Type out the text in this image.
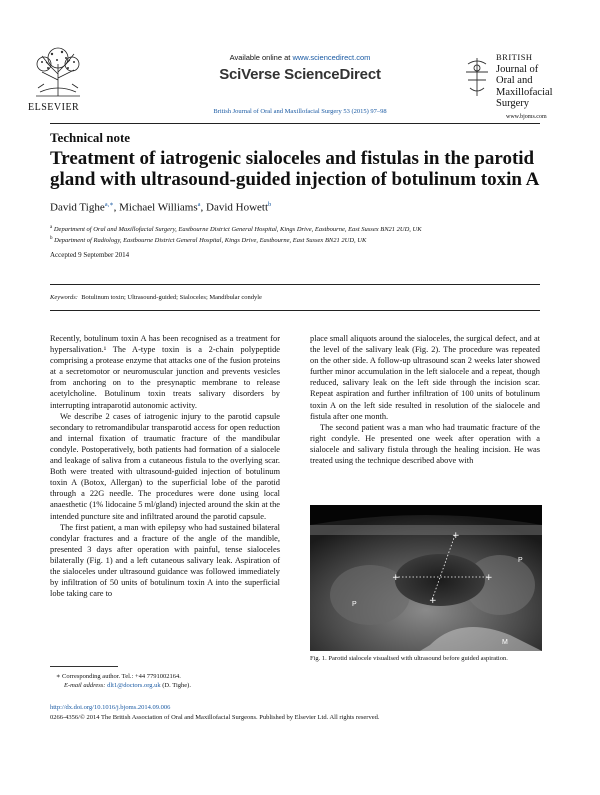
ELSEVIER
Available online at www.sciencedirect.com
SciVerse ScienceDirect
British Journal of Oral and Maxillofacial Surgery 53 (2015) 97–98
BRITISH
Journal of
Oral and
Maxillofacial
Surgery
www.bjoms.com
Technical note
Treatment of iatrogenic sialoceles and fistulas in the parotid gland with ultrasound-guided injection of botulinum toxin A
David Tighe$^{a,∗}$, Michael Williams$^a$, David Howett$^b$
$^a$ Department of Oral and Maxillofacial Surgery, Eastbourne District General Hospital, Kings Drive, Eastbourne, East Sussex BN21 2UD, UK
$^b$ Department of Radiology, Eastbourne District General Hospital, Kings Drive, Eastbourne, East Sussex BN21 2UD, UK
Accepted 9 September 2014
Keywords: Botulinum toxin; Ultrasound-guided; Sialoceles; Mandibular condyle

Recently, botulinum toxin A has been recognised as a treatment for hypersalivation.¹ The A-type toxin is a 2-chain polypeptide comprising a protease enzyme that attacks one of the fusion proteins at a secretomotor or neuromuscular junction and prevents vesicles from anchoring on to the presynaptic membrane to release acetylcholine. Botulinum toxin treats salivary disorders by interrupting intraparotid autonomic activity.

We describe 2 cases of iatrogenic injury to the parotid capsule secondary to retromandibular transparotid access for open reduction and internal fixation of traumatic fracture of the mandibular condyle. Postoperatively, both patients had formation of a sialocele and leakage of saliva from a cutaneous fistula to the overlying scar. Both were treated with ultrasound-guided injection of botulinum toxin A (Botox, Allergan) to the superficial lobe of the parotid through a 22G needle. The procedures were done using local anaesthetic (1% lidocaine 5 ml/gland) injected around the skin at the intended puncture site and infiltrated around the parotid capsule.

The first patient, a man with epilepsy who had sustained bilateral condylar fractures and a fracture of the angle of the mandible, presented 3 days after operation with painful, tense sialoceles bilaterally (Fig. 1) and a left cutaneous salivary leak. Aspiration of the sialoceles under ultrasound guidance was followed immediately by infiltration of 50 units of botulinum toxin A into the superficial lobe taking care to

place small aliquots around the sialoceles, the surgical defect, and at the level of the salivary leak (Fig. 2). The procedure was repeated on the other side. A follow-up ultrasound scan 2 weeks later showed further minor accumulation in the left sialocele and a repeat, though reduced, salivary leak on the left side through the incision scar. Repeat aspiration and further infiltration of 100 units of botulinum toxin A on the left side resulted in resolution of the sialocele and fistula after one month.

The second patient was a man who had traumatic fracture of the right condyle. He presented one week after operation with a sialocele and salivary fistula through the healing incision. He was treated using the technique described above with

+	+
+
+
P
P
M
Fig. 1. Parotid sialocele visualised with ultrasound before guided aspiration.
∗ Corresponding author. Tel.: +44 7791002164.
E-mail address: dlt1@doctors.org.uk (D. Tighe).
http://dx.doi.org/10.1016/j.bjoms.2014.09.006
0266-4356/© 2014 The British Association of Oral and Maxillofacial Surgeons. Published by Elsevier Ltd. All rights reserved.
